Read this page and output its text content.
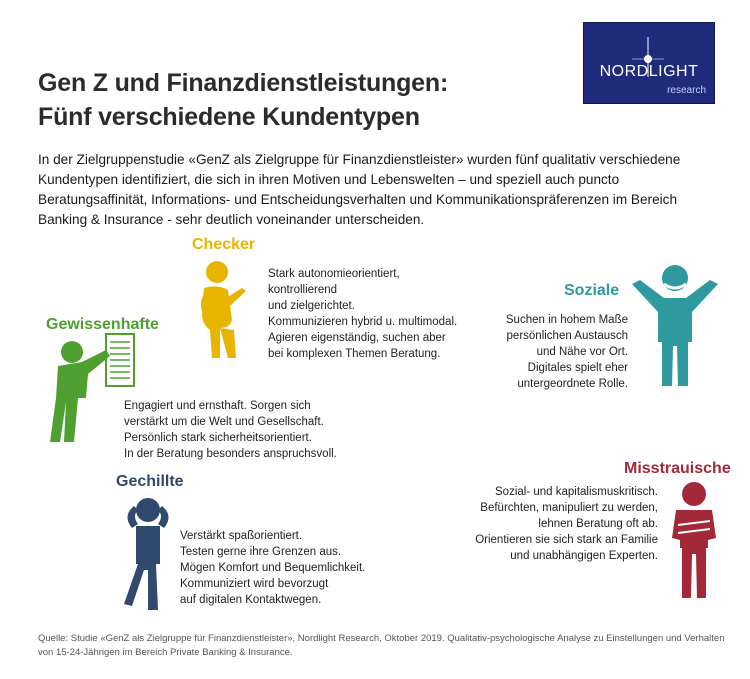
Gen Z und Finanzdienstleistungen:
Fünf verschiedene Kundentypen
NORDLIGHT
research
In der Zielgruppenstudie «GenZ als Zielgruppe für Finanzdienstleister» wurden fünf qualitativ verschiedene Kundentypen identifiziert, die sich in ihren Motiven und Lebenswelten – und speziell auch puncto Beratungsaffinität, Informations- und Entscheidungsverhalten und Kommunikationspräferenzen im Bereich Banking & Insurance - sehr deutlich voneinander unterscheiden.
Checker
Stark autonomieorientiert,
kontrollierend
und zielgerichtet.
Kommunizieren hybrid u. multimodal.
Agieren eigenständig, suchen aber
bei komplexen Themen Beratung.
Soziale
Suchen in hohem Maße
persönlichen Austausch
und Nähe vor Ort.
Digitales spielt eher
untergeordnete Rolle.
Gewissenhafte
Engagiert und ernsthaft. Sorgen sich
verstärkt um die Welt und Gesellschaft.
Persönlich stark sicherheitsorientiert.
In der Beratung besonders anspruchsvoll.
Gechillte
Verstärkt spaßorientiert.
Testen gerne ihre Grenzen aus.
Mögen Komfort und Bequemlichkeit.
Kommuniziert wird bevorzugt
auf digitalen Kontaktwegen.
Misstrauische
Sozial- und kapitalismuskritisch.
Befürchten, manipuliert zu werden,
lehnen Beratung oft ab.
Orientieren sie sich stark an Familie
und unabhängigen Experten.
Quelle: Studie «GenZ als Zielgruppe für Finanzdienstleister», Nordlight Research, Oktober 2019. Qualitativ-psychologische Analyse zu Einstellungen und Verhalten
von 15-24-Jährigen im Bereich Private Banking & Insurance.
